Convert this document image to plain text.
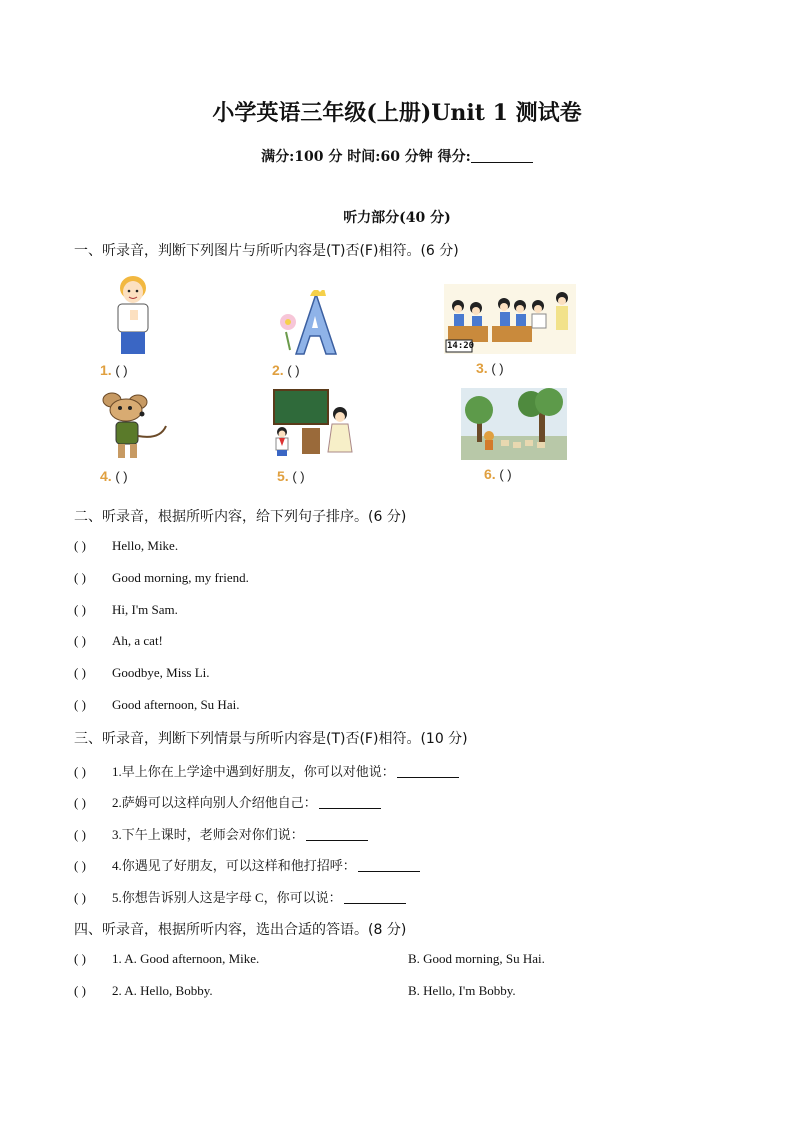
小学英语三年级(上册)Unit 1 测试卷
满分:100 分 时间:60 分钟 得分:
听力部分(40 分)
一、听录音，判断下列图片与所听内容是(T)否(F)相符。(6 分)
1. ( )	2. ( )
14:20
3. ( )
4. ( )	5. ( )	6. ( )
二、听录音，根据所听内容，给下列句子排序。(6 分)
( ) Hello, Mike.
( ) Good morning, my friend.
( ) Hi, I'm Sam.
( ) Ah, a cat!
( ) Goodbye, Miss Li.
( ) Good afternoon, Su Hai.
三、听录音，判断下列情景与所听内容是(T)否(F)相符。(10 分)
( ) 1.早上你在上学途中遇到好朋友，你可以对他说：
( ) 2.萨姆可以这样向别人介绍他自己：
( ) 3.下午上课时，老师会对你们说：
( ) 4.你遇见了好朋友，可以这样和他打招呼：
( ) 5.你想告诉别人这是字母 C，你可以说：
四、听录音，根据所听内容，选出合适的答语。(8 分)
( ) 1. A. Good afternoon, Mike.	B. Good morning, Su Hai.
( ) 2. A. Hello, Bobby.	B. Hello, I'm Bobby.
